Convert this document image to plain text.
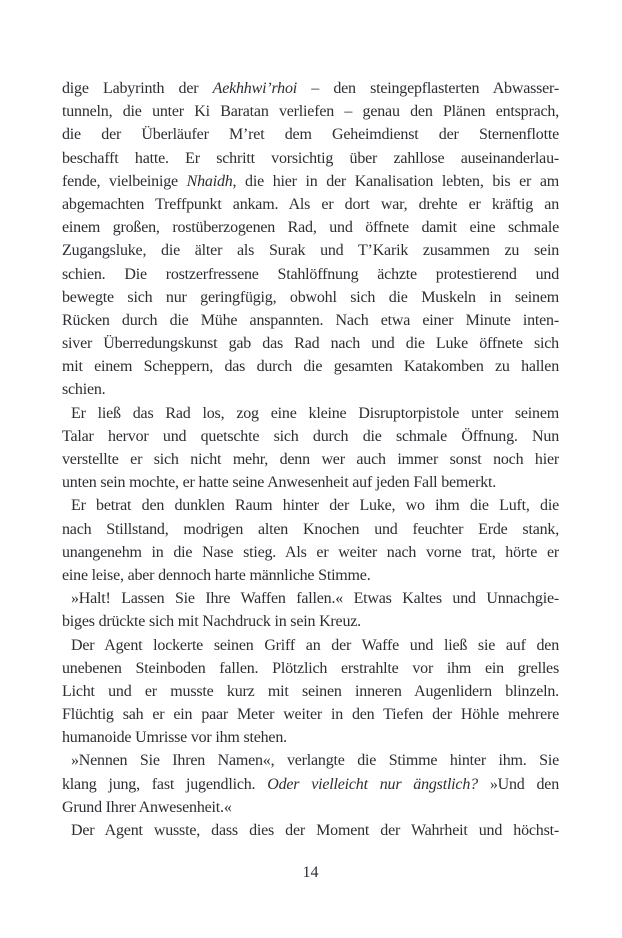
dige Labyrinth der Aekhhwi’rhoi – den steingepflasterten Abwasser-
tunneln, die unter Ki Baratan verliefen – genau den Plänen entsprach,
die der Überläufer M’ret dem Geheimdienst der Sternenflotte
beschafft hatte. Er schritt vorsichtig über zahllose auseinanderlau-
fende, vielbeinige Nhaidh, die hier in der Kanalisation lebten, bis er am
abgemachten Treffpunkt ankam. Als er dort war, drehte er kräftig an
einem großen, rostüberzogenen Rad, und öffnete damit eine schmale
Zugangsluke, die älter als Surak und T’Karik zusammen zu sein
schien. Die rostzerfressene Stahlöffnung ächzte protestierend und
bewegte sich nur geringfügig, obwohl sich die Muskeln in seinem
Rücken durch die Mühe anspannten. Nach etwa einer Minute inten-
siver Überredungskunst gab das Rad nach und die Luke öffnete sich
mit einem Scheppern, das durch die gesamten Katakomben zu hallen
schien.

Er ließ das Rad los, zog eine kleine Disruptorpistole unter seinem
Talar hervor und quetschte sich durch die schmale Öffnung. Nun
verstellte er sich nicht mehr, denn wer auch immer sonst noch hier
unten sein mochte, er hatte seine Anwesenheit auf jeden Fall bemerkt.

Er betrat den dunklen Raum hinter der Luke, wo ihm die Luft, die
nach Stillstand, modrigen alten Knochen und feuchter Erde stank,
unangenehm in die Nase stieg. Als er weiter nach vorne trat, hörte er
eine leise, aber dennoch harte männliche Stimme.

»Halt! Lassen Sie Ihre Waffen fallen.« Etwas Kaltes und Unnachgie-
biges drückte sich mit Nachdruck in sein Kreuz.

Der Agent lockerte seinen Griff an der Waffe und ließ sie auf den
unebenen Steinboden fallen. Plötzlich erstrahlte vor ihm ein grelles
Licht und er musste kurz mit seinen inneren Augenlidern blinzeln.
Flüchtig sah er ein paar Meter weiter in den Tiefen der Höhle mehrere
humanoide Umrisse vor ihm stehen.

»Nennen Sie Ihren Namen«, verlangte die Stimme hinter ihm. Sie
klang jung, fast jugendlich. Oder vielleicht nur ängstlich? »Und den
Grund Ihrer Anwesenheit.«

Der Agent wusste, dass dies der Moment der Wahrheit und höchst-

14
